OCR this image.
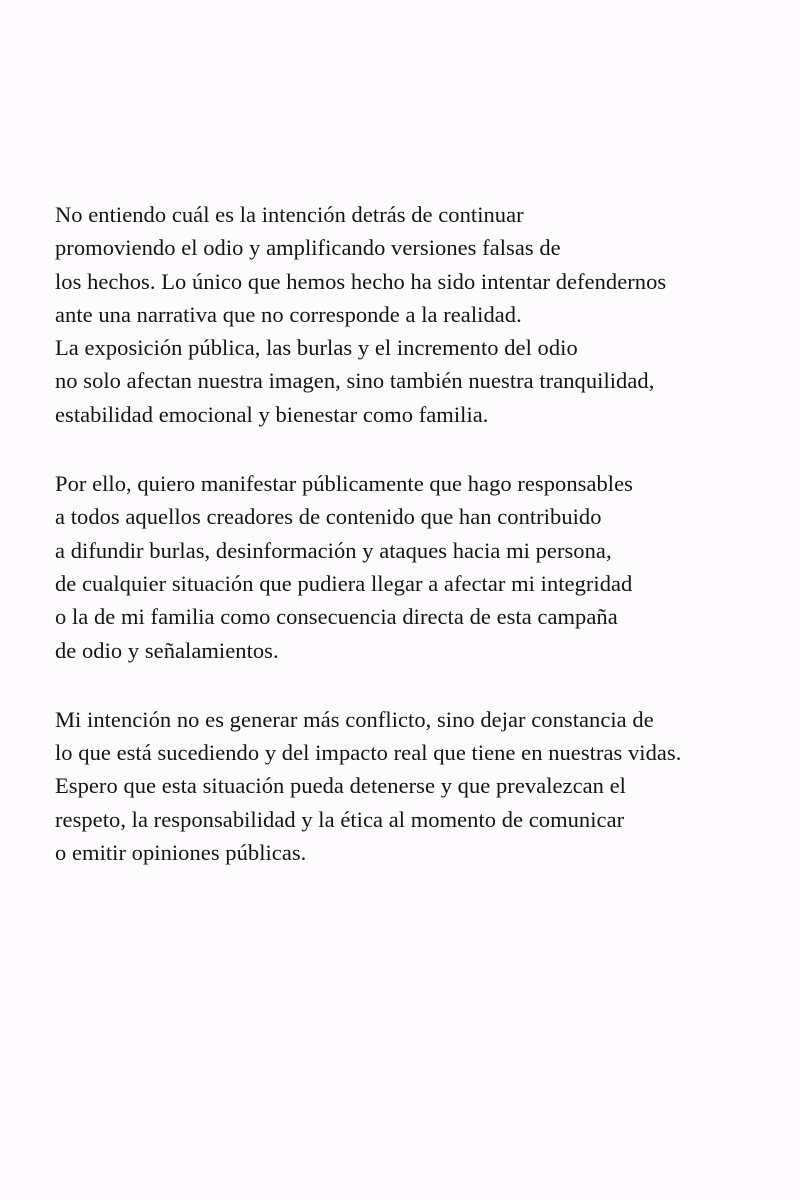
No entiendo cuál es la intención detrás de continuar
promoviendo el odio y amplificando versiones falsas de
los hechos. Lo único que hemos hecho ha sido intentar defendernos
ante una narrativa que no corresponde a la realidad.
La exposición pública, las burlas y el incremento del odio
no solo afectan nuestra imagen, sino también nuestra tranquilidad,
estabilidad emocional y bienestar como familia.
Por ello, quiero manifestar públicamente que hago responsables
a todos aquellos creadores de contenido que han contribuido
a difundir burlas, desinformación y ataques hacia mi persona,
de cualquier situación que pudiera llegar a afectar mi integridad
o la de mi familia como consecuencia directa de esta campaña
de odio y señalamientos.
Mi intención no es generar más conflicto, sino dejar constancia de
lo que está sucediendo y del impacto real que tiene en nuestras vidas.
Espero que esta situación pueda detenerse y que prevalezcan el
respeto, la responsabilidad y la ética al momento de comunicar
o emitir opiniones públicas.
